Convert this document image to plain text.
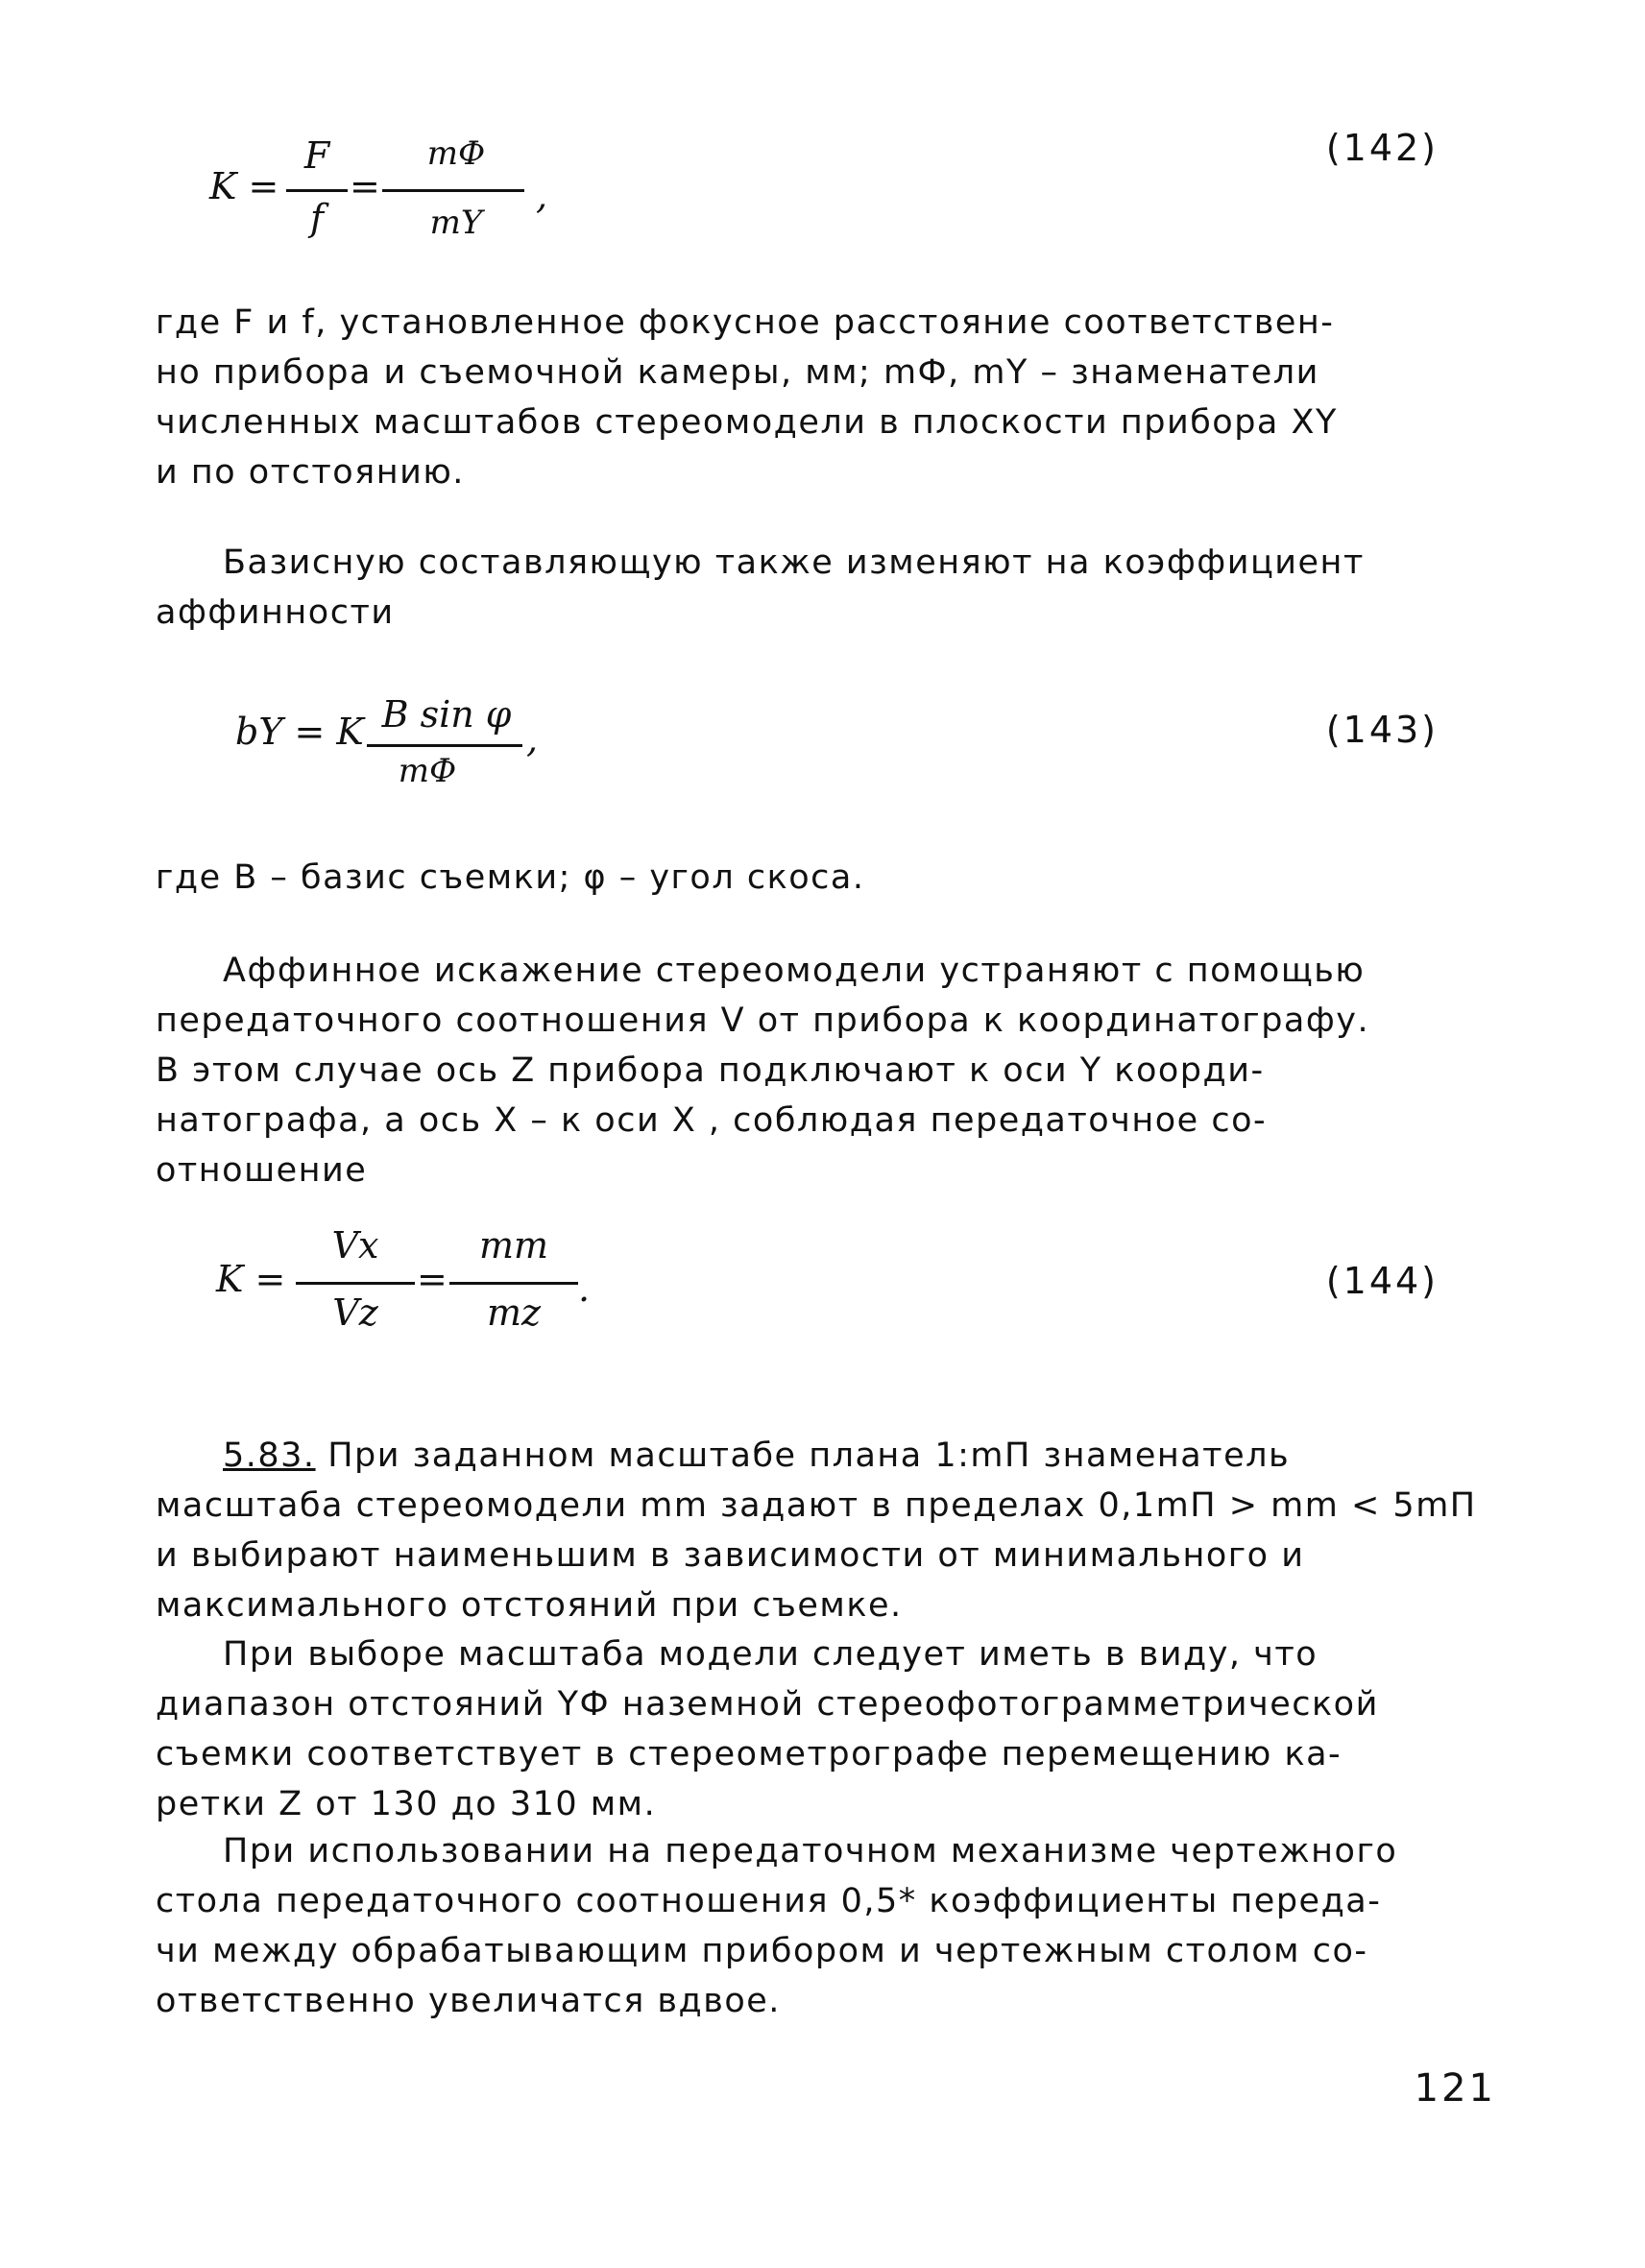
K =
F
f
=
mФ
mY
,
(142)
где F и f, установленное фокусное расстояние соответствен-
но прибора и съемочной камеры, мм; mФ, mY – знаменатели
численных масштабов стереомодели в плоскости прибора XY
и по отстоянию.
Базисную составляющую также изменяют на коэффициент
аффинности
bY = K B sin φ
mФ
,	(143)
где B – базис съемки; φ – угол скоса.
Аффинное искажение стереомодели устраняют с помощью
передаточного соотношения V от прибора к координатографу.
В этом случае ось Z прибора подключают к оси Y коорди-
натографа, а ось X – к оси X , соблюдая передаточное со-
отношение
K =
Vx
Vz
=
mm
mz
.	(144)
5.83. При заданном масштабе плана 1:mП знаменатель
масштаба стереомодели mm задают в пределах 0,1mП > mm < 5mП
и выбирают наименьшим в зависимости от минимального и
максимального отстояний при съемке.
При выборе масштаба модели следует иметь в виду, что
диапазон отстояний YФ наземной стереофотограмметрической
съемки соответствует в стереометрографе перемещению ка-
ретки Z от 130 до 310 мм.
При использовании на передаточном механизме чертежного
стола передаточного соотношения 0,5* коэффициенты переда-
чи между обрабатывающим прибором и чертежным столом со-
ответственно увеличатся вдвое.
121
